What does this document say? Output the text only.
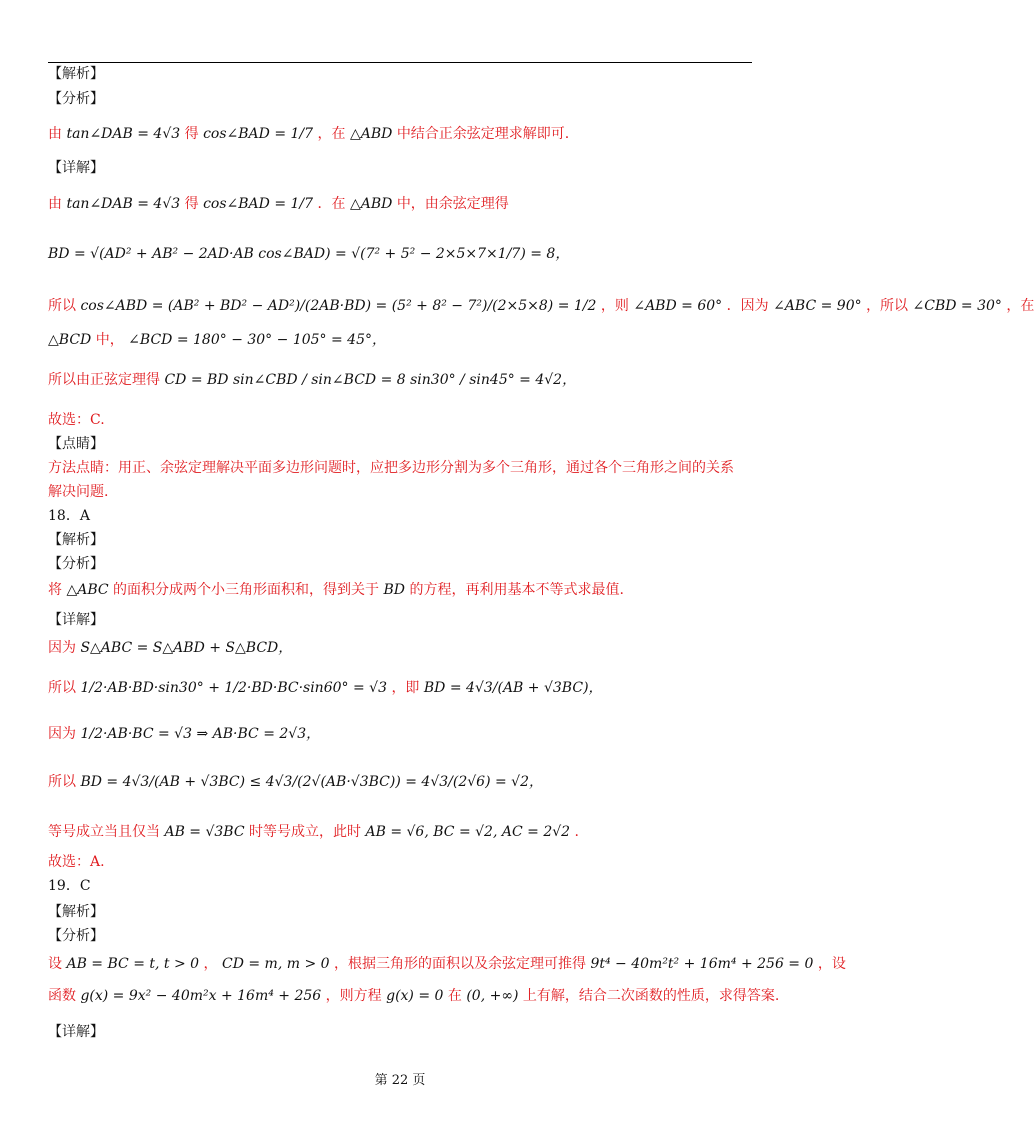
【解析】
【分析】
由 tan∠DAB = 4√3 得 cos∠BAD = 1/7 ，在 △ABD 中结合正余弦定理求解即可.
【详解】
由 tan∠DAB = 4√3 得 cos∠BAD = 1/7 ．在 △ABD 中，由余弦定理得
BD = √(AD² + AB² − 2AD·AB cos∠BAD) = √(7² + 5² − 2×5×7×1/7) = 8，
所以 cos∠ABD = (AB² + BD² − AD²)/(2AB·BD) = (5² + 8² − 7²)/(2×5×8) = 1/2 ，则 ∠ABD = 60° ．因为 ∠ABC = 90° ，所以 ∠CBD = 30° ，在
△BCD 中， ∠BCD = 180° − 30° − 105° = 45°，
所以由正弦定理得 CD = BD sin∠CBD / sin∠BCD = 8 sin30° / sin45° = 4√2，
故选：C.
【点睛】
方法点睛：用正、余弦定理解决平面多边形问题时，应把多边形分割为多个三角形，通过各个三角形之间的关系
解决问题.
18．A
【解析】
【分析】
将 △ABC 的面积分成两个小三角形面积和，得到关于 BD 的方程，再利用基本不等式求最值.
【详解】
因为 S△ABC = S△ABD + S△BCD，
所以 1/2·AB·BD·sin30° + 1/2·BD·BC·sin60° = √3 ，即 BD = 4√3/(AB + √3BC)，
因为 1/2·AB·BC = √3 ⇒ AB·BC = 2√3，
所以 BD = 4√3/(AB + √3BC) ≤ 4√3/(2√(AB·√3BC)) = 4√3/(2√6) = √2，
等号成立当且仅当 AB = √3BC 时等号成立，此时 AB = √6, BC = √2, AC = 2√2 .
故选：A.
19．C
【解析】
【分析】
设 AB = BC = t, t > 0 ， CD = m, m > 0 ，根据三角形的面积以及余弦定理可推得 9t⁴ − 40m²t² + 16m⁴ + 256 = 0 ，设
函数 g(x) = 9x² − 40m²x + 16m⁴ + 256 ，则方程 g(x) = 0 在 (0, +∞) 上有解，结合二次函数的性质，求得答案.
【详解】
第 22 页
